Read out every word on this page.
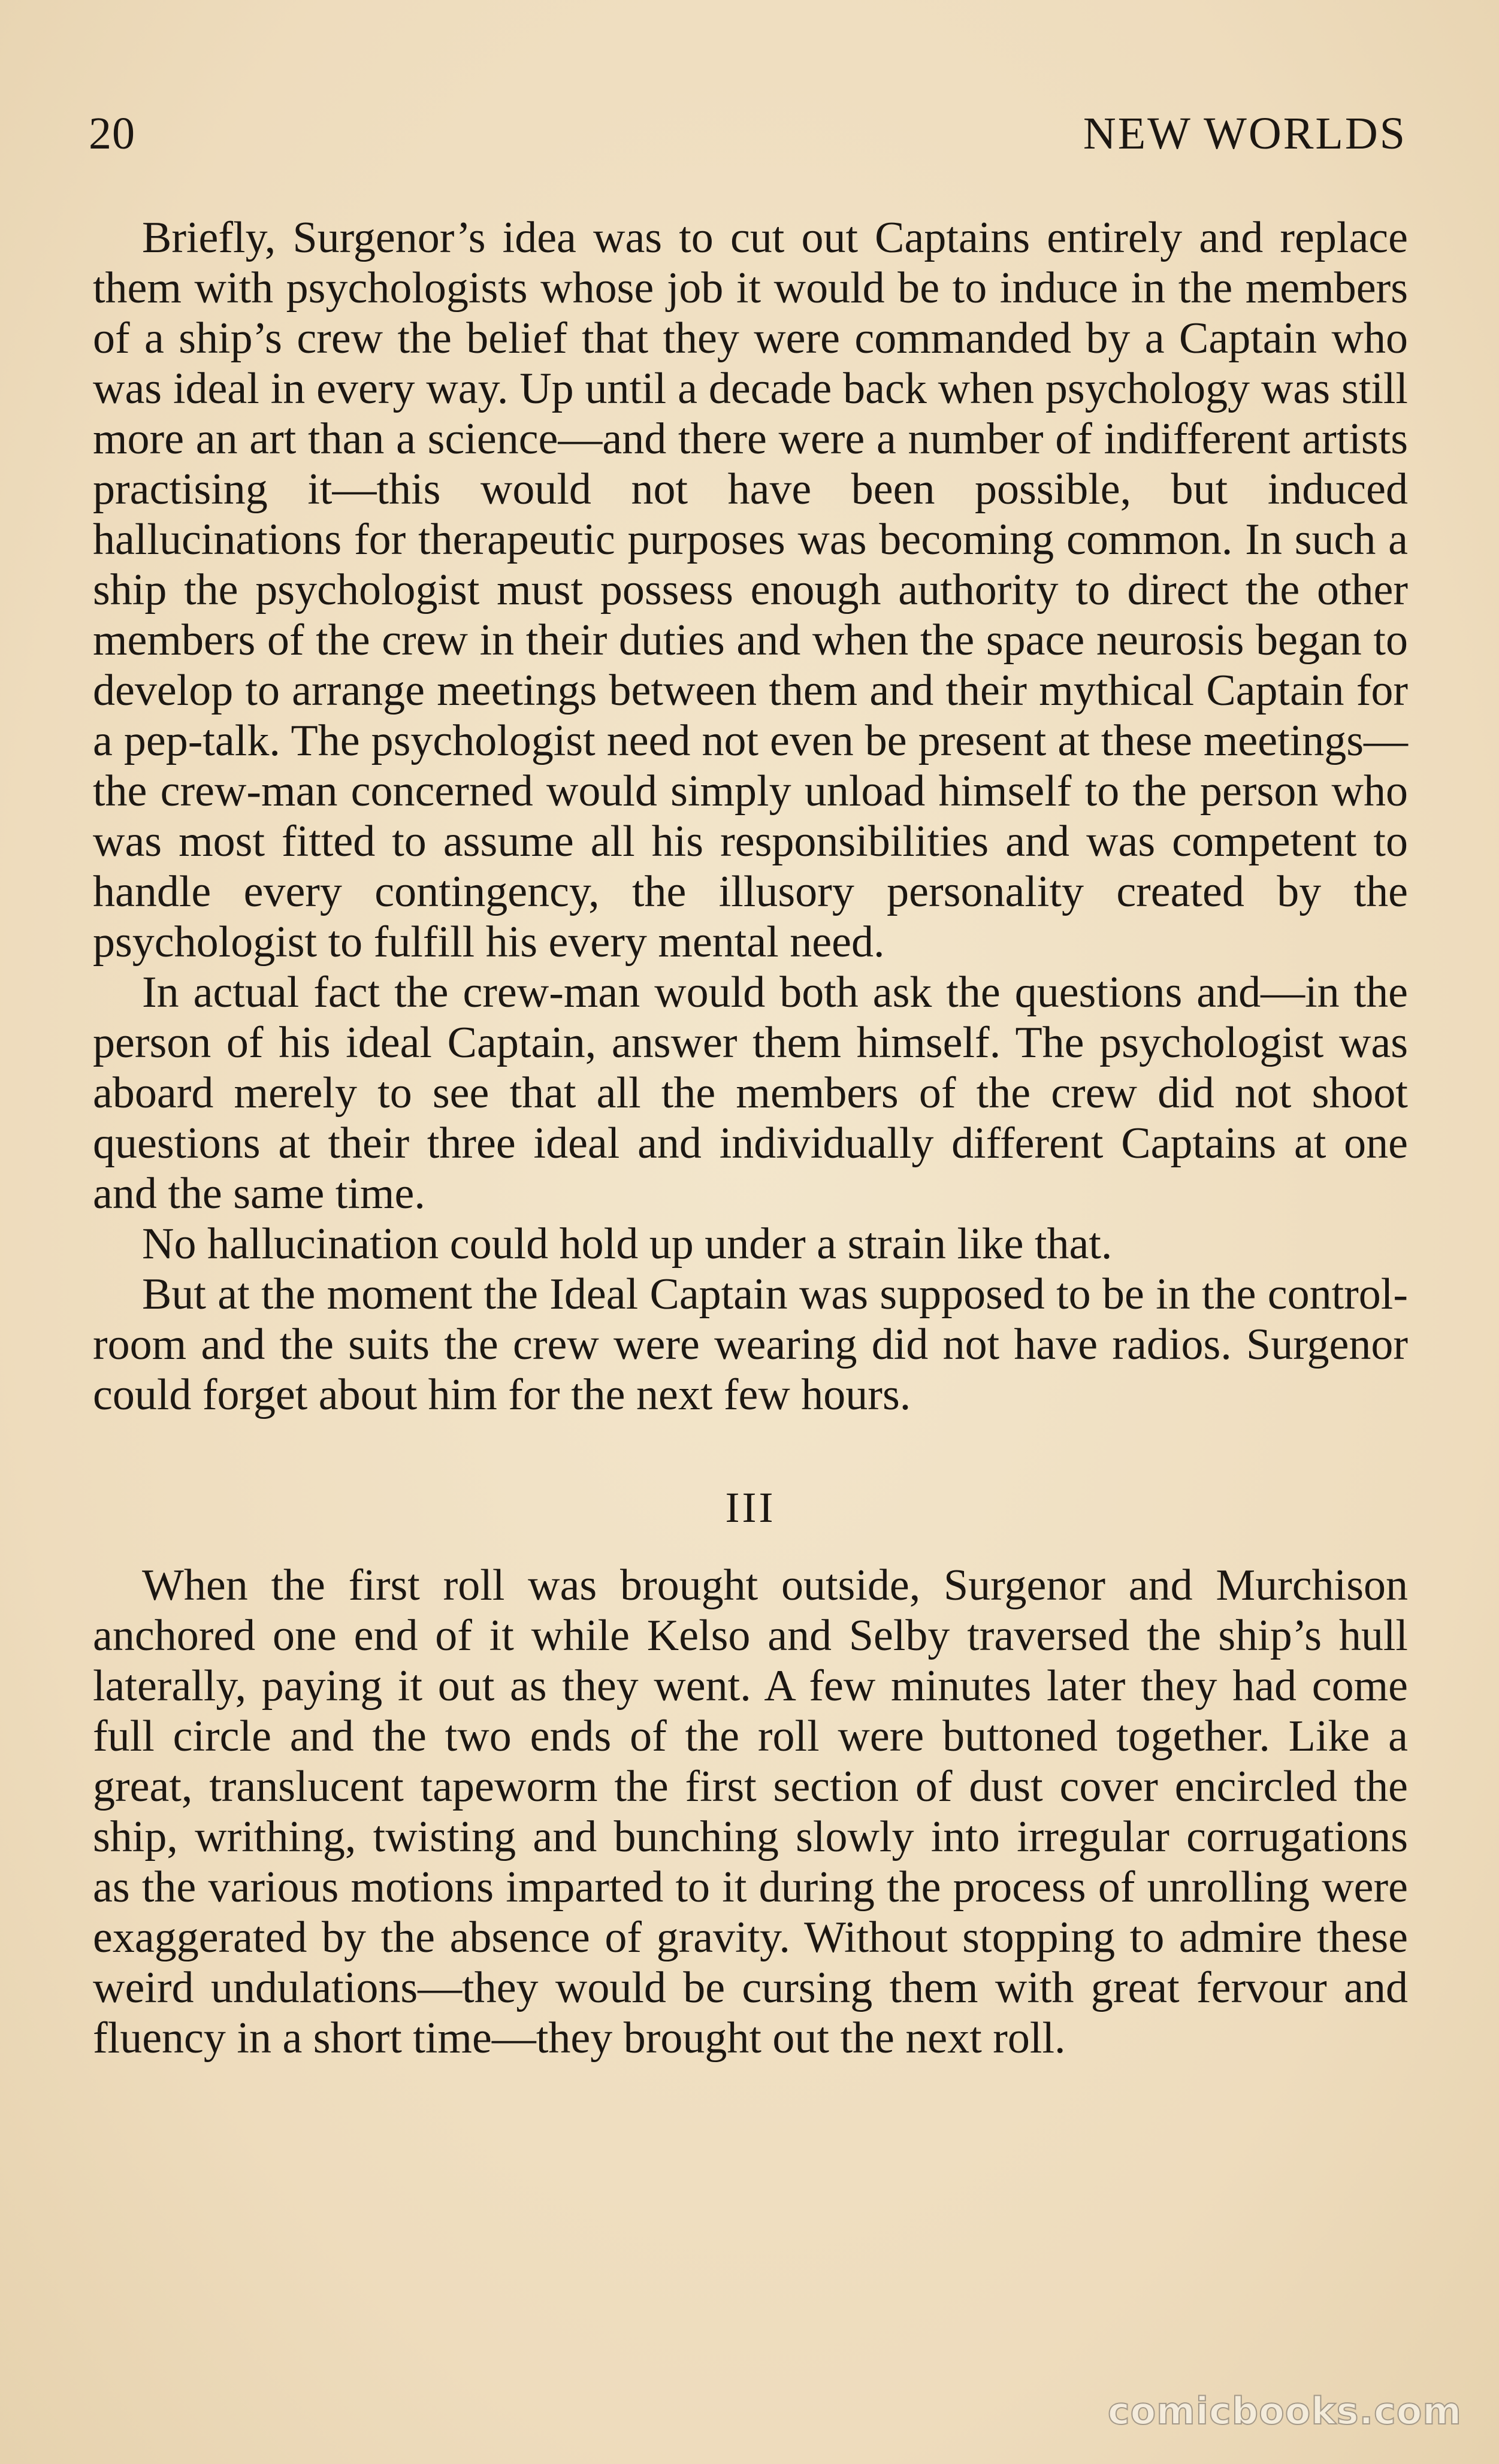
20	NEW WORLDS

Briefly, Surgenor’s idea was to cut out Captains entirely and replace them with psychologists whose job it would be to induce in the members of a ship’s crew the belief that they were commanded by a Captain who was ideal in every way. Up until a decade back when psychology was still more an art than a science—and there were a number of indifferent artists practising it—this would not have been possible, but induced hallucinations for therapeutic purposes was becoming common. In such a ship the psychologist must possess enough authority to direct the other members of the crew in their duties and when the space neurosis began to develop to arrange meetings between them and their mythical Captain for a pep-talk. The psychologist need not even be present at these meetings—the crew-man concerned would simply unload himself to the person who was most fitted to assume all his responsibilities and was competent to handle every contingency, the illusory personality created by the psychologist to fulfill his every mental need.

In actual fact the crew-man would both ask the questions and—in the person of his ideal Captain, answer them himself. The psychologist was aboard merely to see that all the members of the crew did not shoot questions at their three ideal and individually different Captains at one and the same time.

No hallucination could hold up under a strain like that.

But at the moment the Ideal Captain was supposed to be in the control-room and the suits the crew were wearing did not have radios. Surgenor could forget about him for the next few hours.

III

When the first roll was brought outside, Surgenor and Murchison anchored one end of it while Kelso and Selby traversed the ship’s hull laterally, paying it out as they went. A few minutes later they had come full circle and the two ends of the roll were buttoned together. Like a great, translucent tapeworm the first section of dust cover encircled the ship, writhing, twisting and bunching slowly into irregular corrugations as the various motions imparted to it during the process of unrolling were exaggerated by the absence of gravity. Without stopping to admire these weird undulations—they would be cursing them with great fervour and fluency in a short time—they brought out the next roll.

comicbooks.com
